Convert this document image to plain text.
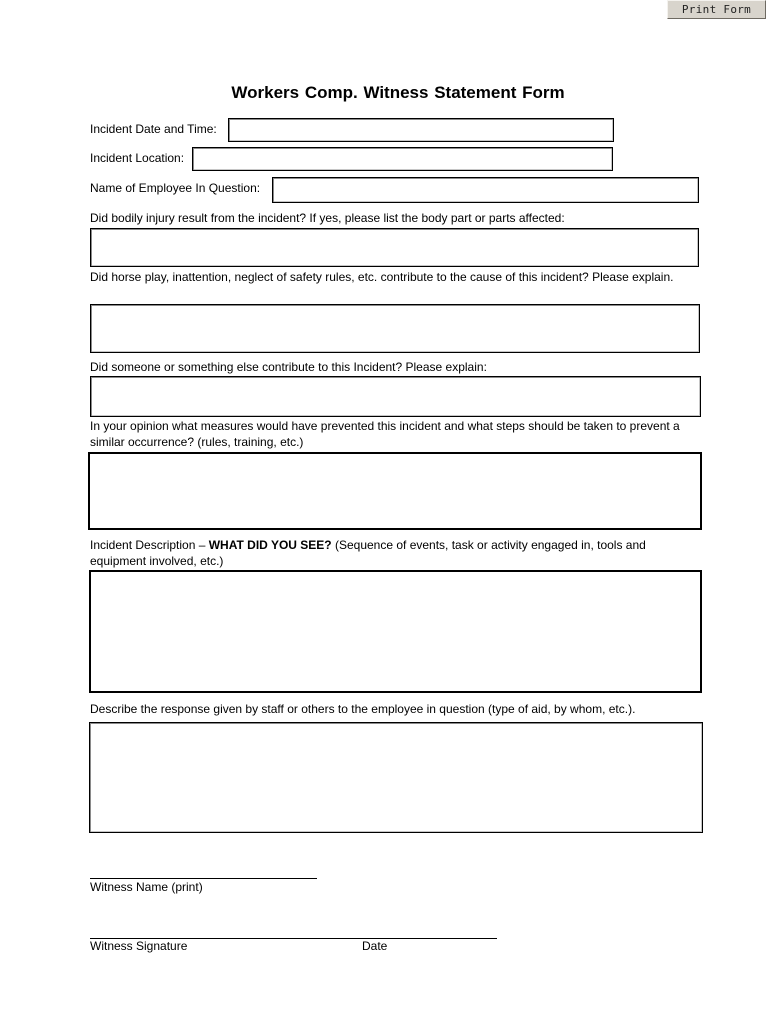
Print Form
Workers Comp. Witness Statement Form
Incident Date and Time:
Incident Location:
Name of Employee In Question:
Did bodily injury result from the incident? If yes, please list the body part or parts affected:
Did horse play, inattention, neglect of safety rules, etc. contribute to the cause of this incident? Please explain.
Did someone or something else contribute to this Incident? Please explain:
In your opinion what measures would have prevented this incident and what steps should be taken to prevent a similar occurrence? (rules, training, etc.)
Incident Description – WHAT DID YOU SEE? (Sequence of events, task or activity engaged in, tools and equipment involved, etc.)
Describe the response given by staff or others to the employee in question (type of aid, by whom, etc.).
Witness Name (print)
Witness Signature	Date
